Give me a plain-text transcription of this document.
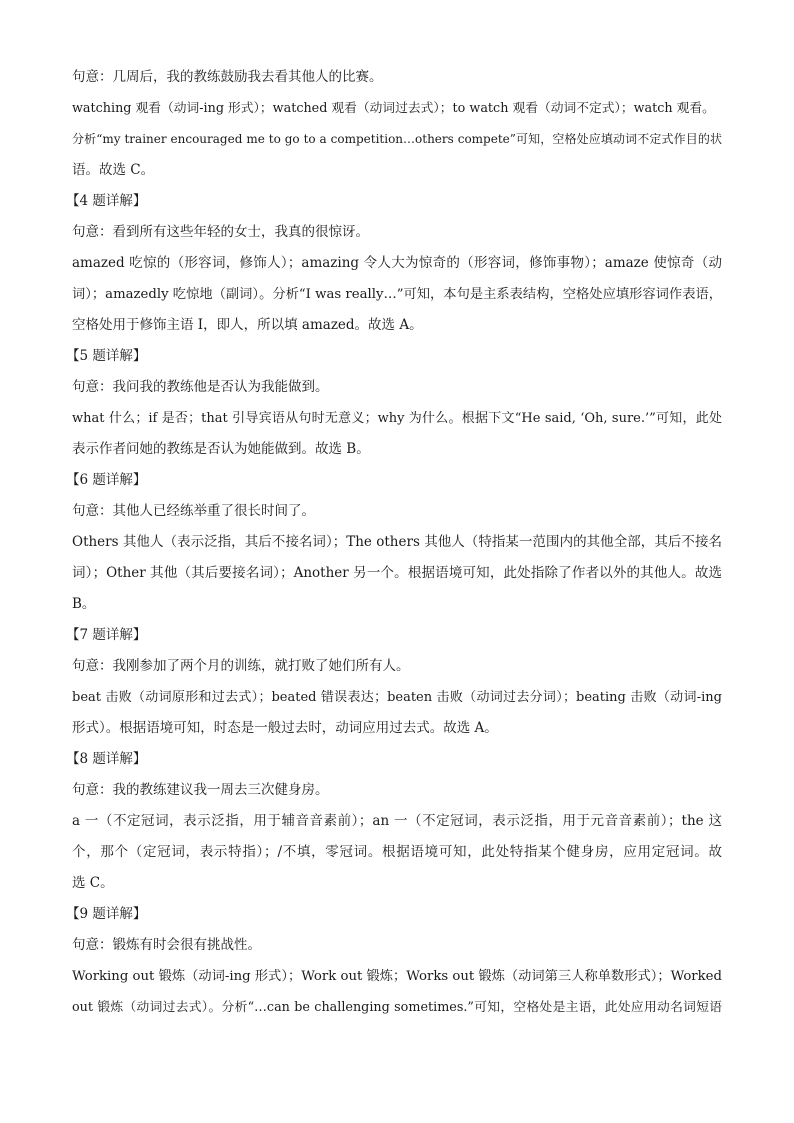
句意：几周后，我的教练鼓励我去看其他人的比赛。
watching 观看（动词-ing 形式）；watched 观看（动词过去式）；to watch 观看（动词不定式）；watch 观看。
分析“my trainer encouraged me to go to a competition…others compete”可知，空格处应填动词不定式作目的状
语。故选 C。
【4 题详解】
句意：看到所有这些年轻的女士，我真的很惊讶。
amazed 吃惊的（形容词，修饰人）；amazing 令人大为惊奇的（形容词，修饰事物）；amaze 使惊奇（动
词）；amazedly 吃惊地（副词）。分析“I was really…”可知，本句是主系表结构，空格处应填形容词作表语，
空格处用于修饰主语 I，即人，所以填 amazed。故选 A。
【5 题详解】
句意：我问我的教练他是否认为我能做到。
what 什么；if 是否；that 引导宾语从句时无意义；why 为什么。根据下文“He said, ‘Oh, sure.’”可知，此处
表示作者问她的教练是否认为她能做到。故选 B。
【6 题详解】
句意：其他人已经练举重了很长时间了。
Others 其他人（表示泛指，其后不接名词）；The others 其他人（特指某一范围内的其他全部，其后不接名
词）；Other 其他（其后要接名词）；Another 另一个。根据语境可知，此处指除了作者以外的其他人。故选
B。
【7 题详解】
句意：我刚参加了两个月的训练，就打败了她们所有人。
beat 击败（动词原形和过去式）；beated 错误表达；beaten 击败（动词过去分词）；beating 击败（动词-ing
形式）。根据语境可知，时态是一般过去时，动词应用过去式。故选 A。
【8 题详解】
句意：我的教练建议我一周去三次健身房。
a 一（不定冠词，表示泛指，用于辅音音素前）；an 一（不定冠词，表示泛指，用于元音音素前）；the 这
个，那个（定冠词，表示特指）；/不填，零冠词。根据语境可知，此处特指某个健身房，应用定冠词。故
选 C。
【9 题详解】
句意：锻炼有时会很有挑战性。
Working out 锻炼（动词-ing 形式）；Work out 锻炼；Works out 锻炼（动词第三人称单数形式）；Worked
out 锻炼（动词过去式）。分析“…can be challenging sometimes.”可知，空格处是主语，此处应用动名词短语
